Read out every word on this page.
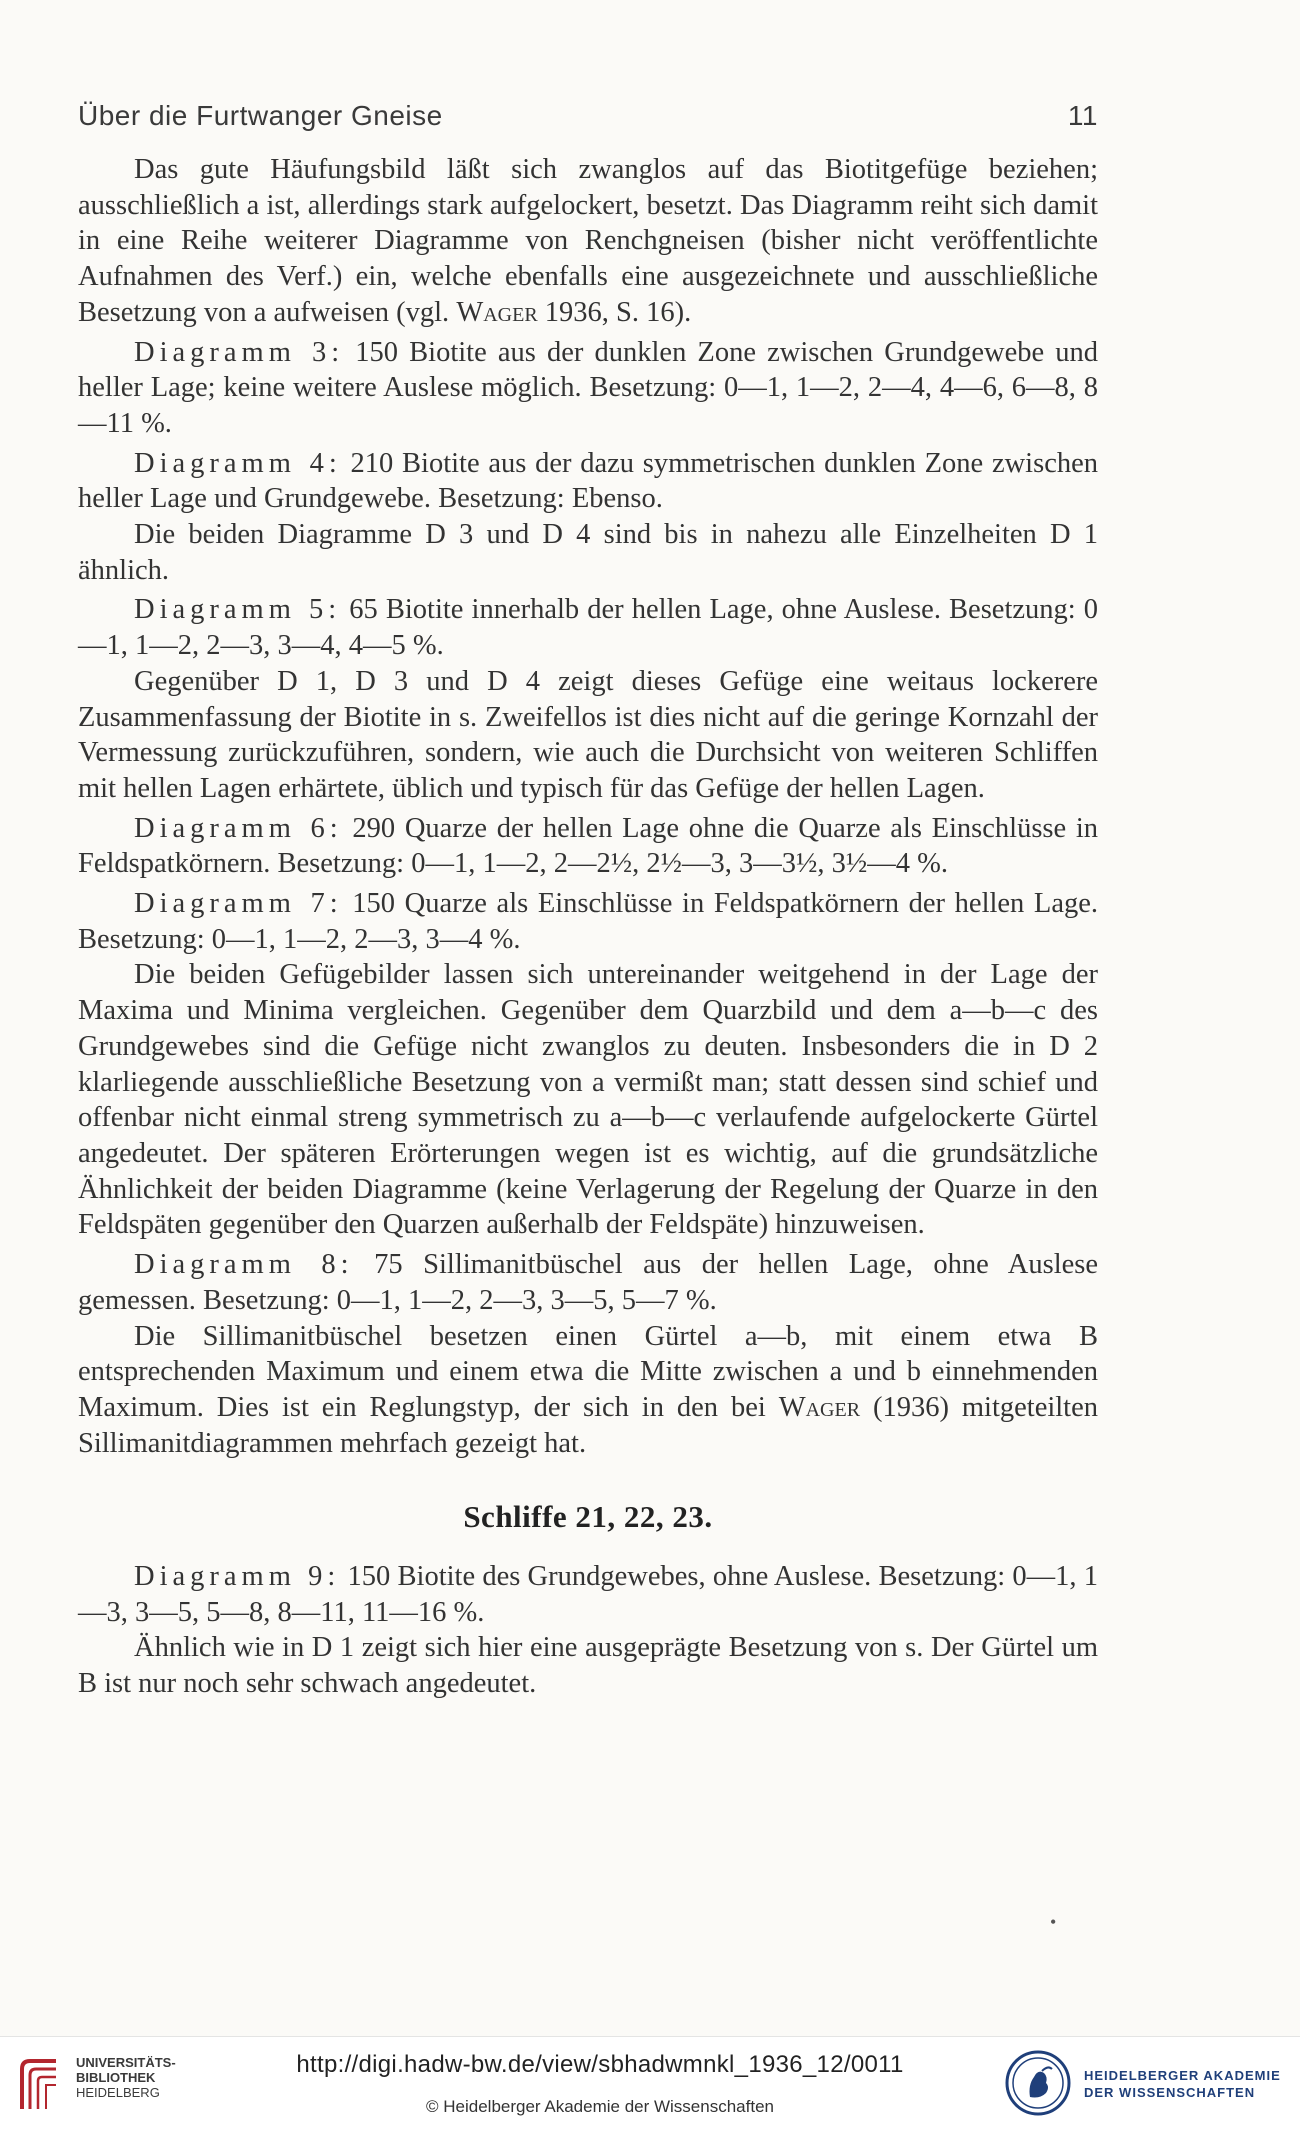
Über die Furtwanger Gneise	11

Das gute Häufungsbild läßt sich zwanglos auf das Biotitgefüge beziehen; ausschließlich a ist, allerdings stark aufgelockert, besetzt. Das Diagramm reiht sich damit in eine Reihe weiterer Diagramme von Renchgneisen (bisher nicht veröffentlichte Aufnahmen des Verf.) ein, welche ebenfalls eine ausgezeichnete und ausschließliche Besetzung von a aufweisen (vgl. Wager 1936, S. 16).

Diagramm 3: 150 Biotite aus der dunklen Zone zwischen Grundgewebe und heller Lage; keine weitere Auslese möglich. Besetzung: 0—1, 1—2, 2—4, 4—6, 6—8, 8—11 %.

Diagramm 4: 210 Biotite aus der dazu symmetrischen dunklen Zone zwischen heller Lage und Grundgewebe. Besetzung: Ebenso.

Die beiden Diagramme D 3 und D 4 sind bis in nahezu alle Einzelheiten D 1 ähnlich.

Diagramm 5: 65 Biotite innerhalb der hellen Lage, ohne Auslese. Besetzung: 0—1, 1—2, 2—3, 3—4, 4—5 %.

Gegenüber D 1, D 3 und D 4 zeigt dieses Gefüge eine weitaus lockerere Zusammenfassung der Biotite in s. Zweifellos ist dies nicht auf die geringe Kornzahl der Vermessung zurückzuführen, sondern, wie auch die Durchsicht von weiteren Schliffen mit hellen Lagen erhärtete, üblich und typisch für das Gefüge der hellen Lagen.

Diagramm 6: 290 Quarze der hellen Lage ohne die Quarze als Einschlüsse in Feldspatkörnern. Besetzung: 0—1, 1—2, 2—2½, 2½—3, 3—3½, 3½—4 %.

Diagramm 7: 150 Quarze als Einschlüsse in Feldspatkörnern der hellen Lage. Besetzung: 0—1, 1—2, 2—3, 3—4 %.

Die beiden Gefügebilder lassen sich untereinander weitgehend in der Lage der Maxima und Minima vergleichen. Gegenüber dem Quarzbild und dem a—b—c des Grundgewebes sind die Gefüge nicht zwanglos zu deuten. Insbesonders die in D 2 klarliegende ausschließliche Besetzung von a vermißt man; statt dessen sind schief und offenbar nicht einmal streng symmetrisch zu a—b—c verlaufende aufgelockerte Gürtel angedeutet. Der späteren Erörterungen wegen ist es wichtig, auf die grundsätzliche Ähnlichkeit der beiden Diagramme (keine Verlagerung der Regelung der Quarze in den Feldspäten gegenüber den Quarzen außerhalb der Feldspäte) hinzuweisen.

Diagramm 8: 75 Sillimanitbüschel aus der hellen Lage, ohne Auslese gemessen. Besetzung: 0—1, 1—2, 2—3, 3—5, 5—7 %.

Die Sillimanitbüschel besetzen einen Gürtel a—b, mit einem etwa B entsprechenden Maximum und einem etwa die Mitte zwischen a und b einnehmenden Maximum. Dies ist ein Reglungstyp, der sich in den bei Wager (1936) mitgeteilten Sillimanitdiagrammen mehrfach gezeigt hat.

Schliffe 21, 22, 23.

Diagramm 9: 150 Biotite des Grundgewebes, ohne Auslese. Besetzung: 0—1, 1—3, 3—5, 5—8, 8—11, 11—16 %.

Ähnlich wie in D 1 zeigt sich hier eine ausgeprägte Besetzung von s. Der Gürtel um B ist nur noch sehr schwach angedeutet.

•
UNIVERSITÄTS-
BIBLIOTHEK
HEIDELBERG
http://digi.hadw-bw.de/view/sbhadwmnkl_1936_12/0011
© Heidelberger Akademie der Wissenschaften
HEIDELBERGER AKADEMIE
DER WISSENSCHAFTEN
